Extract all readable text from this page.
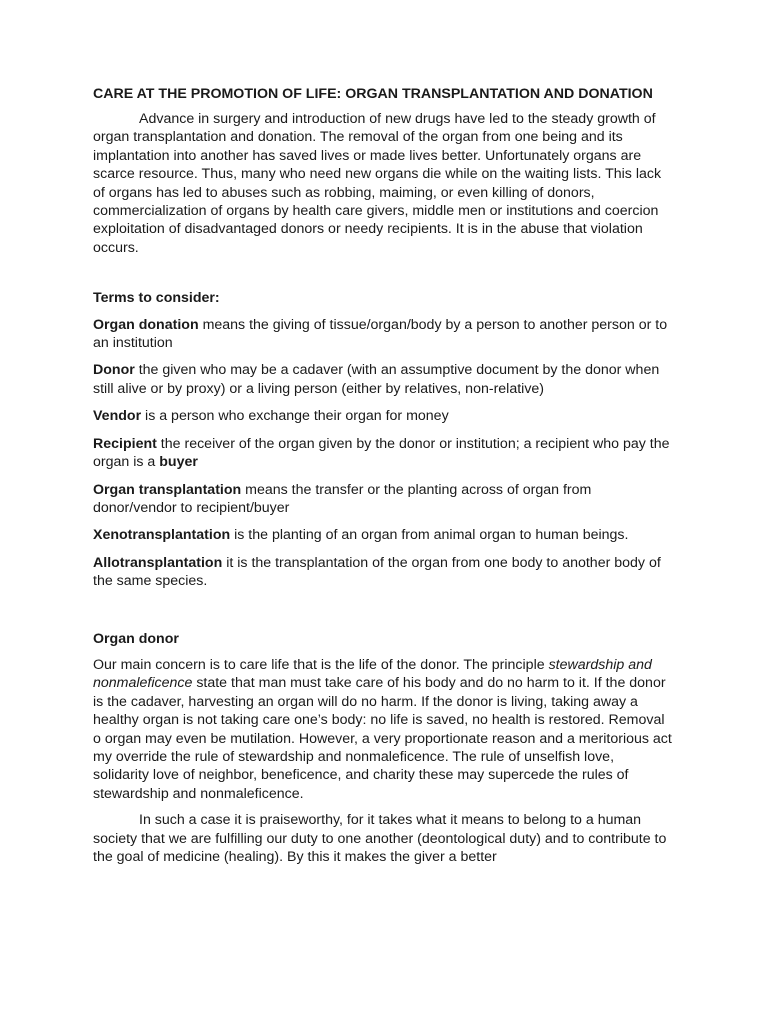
CARE AT THE PROMOTION OF LIFE: ORGAN TRANSPLANTATION AND DONATION

Advance in surgery and introduction of new drugs have led to the steady growth of organ transplantation and donation. The removal of the organ from one being and its implantation into another has saved lives or made lives better. Unfortunately organs are scarce resource. Thus, many who need new organs die while on the waiting lists. This lack of organs has led to abuses such as robbing, maiming, or even killing of donors, commercialization of organs by health care givers, middle men or institutions and coercion exploitation of disadvantaged donors or needy recipients. It is in the abuse that violation occurs.

Terms to consider:

Organ donation means the giving of tissue/organ/body by a person to another person or to an institution

Donor the given who may be a cadaver (with an assumptive document by the donor when still alive or by proxy) or a living person (either by relatives, non-relative)

Vendor is a person who exchange their organ for money

Recipient the receiver of the organ given by the donor or institution; a recipient who pay the organ is a buyer

Organ transplantation means the transfer or the planting across of organ from donor/vendor to recipient/buyer

Xenotransplantation is the planting of an organ from animal organ to human beings.

Allotransplantation it is the transplantation of the organ from one body to another body of the same species.

Organ donor

Our main concern is to care life that is the life of the donor. The principle stewardship and nonmaleficence state that man must take care of his body and do no harm to it. If the donor is the cadaver, harvesting an organ will do no harm. If the donor is living, taking away a healthy organ is not taking care one’s body: no life is saved, no health is restored. Removal o organ may even be mutilation. However, a very proportionate reason and a meritorious act my override the rule of stewardship and nonmaleficence. The rule of unselfish love, solidarity love of neighbor, beneficence, and charity these may supercede the rules of stewardship and nonmaleficence.

In such a case it is praiseworthy, for it takes what it means to belong to a human society that we are fulfilling our duty to one another (deontological duty) and to contribute to the goal of medicine (healing). By this it makes the giver a better
